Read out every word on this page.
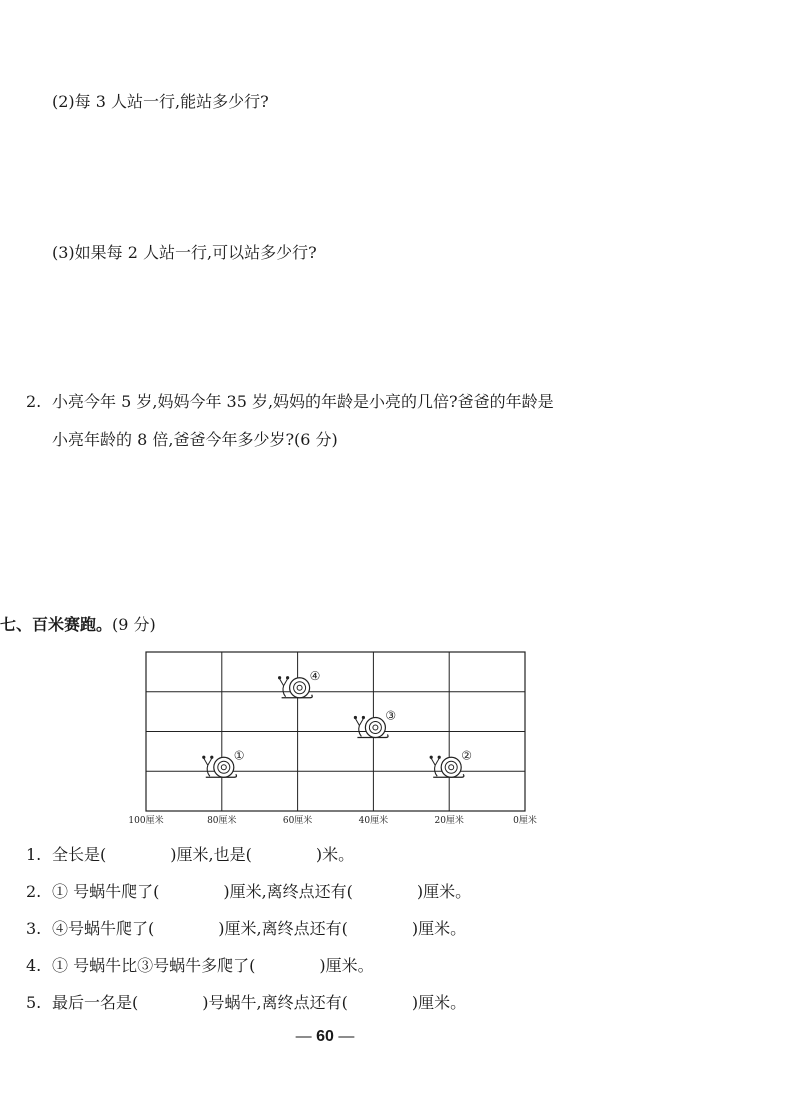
(2)每 3 人站一行,能站多少行?
(3)如果每 2 人站一行,可以站多少行?
2. 小亮今年 5 岁,妈妈今年 35 岁,妈妈的年龄是小亮的几倍?爸爸的年龄是
小亮年龄的 8 倍,爸爸今年多少岁?(6 分)
七、百米赛跑。(9 分)
100厘米	80厘米	60厘米	40厘米	20厘米	0厘米
①	②
③
④
1. 全长是(	)厘米,也是(	)米。
2. ① 号蜗牛爬了(	)厘米,离终点还有(	)厘米。
3. ④号蜗牛爬了(	)厘米,离终点还有(	)厘米。
4. ① 号蜗牛比③号蜗牛多爬了(	)厘米。
5. 最后一名是(	)号蜗牛,离终点还有(	)厘米。
— 60 —
